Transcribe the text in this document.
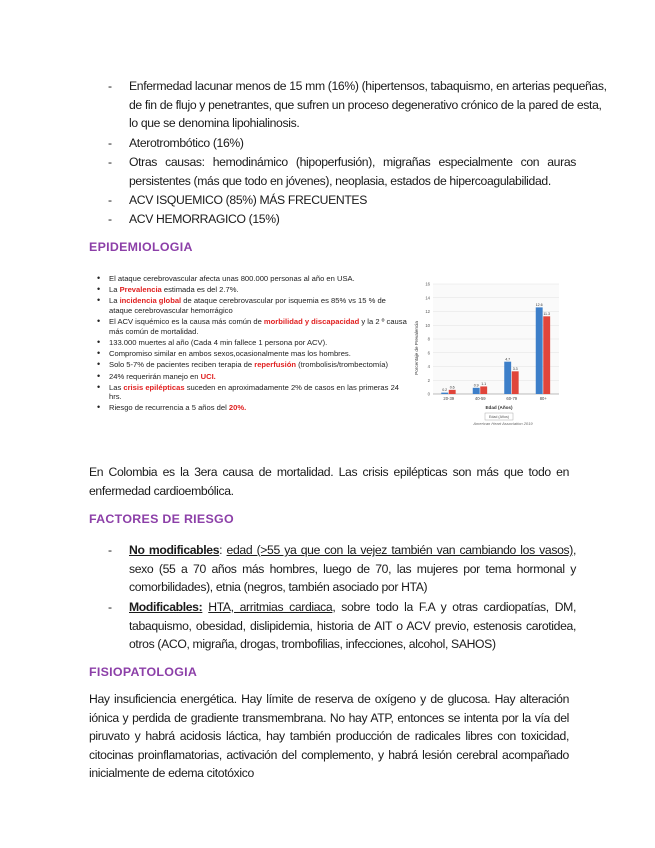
- Enfermedad lacunar menos de 15 mm (16%) (hipertensos, tabaquismo, en arterias pequeñas,
de fin de flujo y penetrantes, que sufren un proceso degenerativo crónico de la pared de esta,
lo que se denomina lipohialinosis.
- Aterotrombótico (16%)
- Otras causas: hemodinámico (hipoperfusión), migrañas especialmente con auras
persistentes (más que todo en jóvenes), neoplasia, estados de hipercoagulabilidad.
- ACV ISQUEMICO (85%) MÁS FRECUENTES
- ACV HEMORRAGICO (15%)
EPIDEMIOLOGIA
• El ataque cerebrovascular afecta unas 800.000 personas al año en USA.
• La Prevalencia estimada es del 2.7%.
• La incidencia global de ataque cerebrovascular por isquemia es 85% vs 15 % de ataque cerebrovascular hemorrágico
• El ACV isquémico es la causa más común de morbilidad y discapacidad y la 2 º causa más común de mortalidad.
• 133.000 muertes al año (Cada 4 min fallece 1 persona por ACV).
• Compromiso similar en ambos sexos,ocasionalmente mas los hombres.
• Solo 5-7% de pacientes reciben terapia de reperfusión (trombolisis/trombectomía)
• 24% requerirán manejo en UCI.
• Las crisis epilépticas suceden en aproximadamente 2% de casos en las primeras 24 hrs.
• Riesgo de recurrencia a 5 años del 20%.
16
14
12
10
8
6
4
2
0
0.2
0.6
20-39
0.9 1.1
40-59
4.7
3.3
60-79
12.6
11.3
80+
Porcentaje de Prevalencia
Edad (Años)
Edad (Años)
American Heart Association 2019
En Colombia es la 3era causa de mortalidad. Las crisis epilépticas son más que todo en enfermedad cardioembólica.
FACTORES DE RIESGO
- No modificables: edad (>55 ya que con la vejez también van cambiando los vasos), sexo (55 a 70 años más hombres, luego de 70, las mujeres por tema hormonal y comorbilidades), etnia (negros, también asociado por HTA)
- Modificables: HTA, arritmias cardiaca, sobre todo la F.A y otras cardiopatías, DM, tabaquismo, obesidad, dislipidemia, historia de AIT o ACV previo, estenosis carotidea, otros (ACO, migraña, drogas, trombofilias, infecciones, alcohol, SAHOS)
FISIOPATOLOGIA
Hay insuficiencia energética. Hay límite de reserva de oxígeno y de glucosa. Hay alteración iónica y perdida de gradiente transmembrana. No hay ATP, entonces se intenta por la vía del piruvato y habrá acidosis láctica, hay también producción de radicales libres con toxicidad, citocinas proinflamatorias, activación del complemento, y habrá lesión cerebral acompañado inicialmente de edema citotóxico
